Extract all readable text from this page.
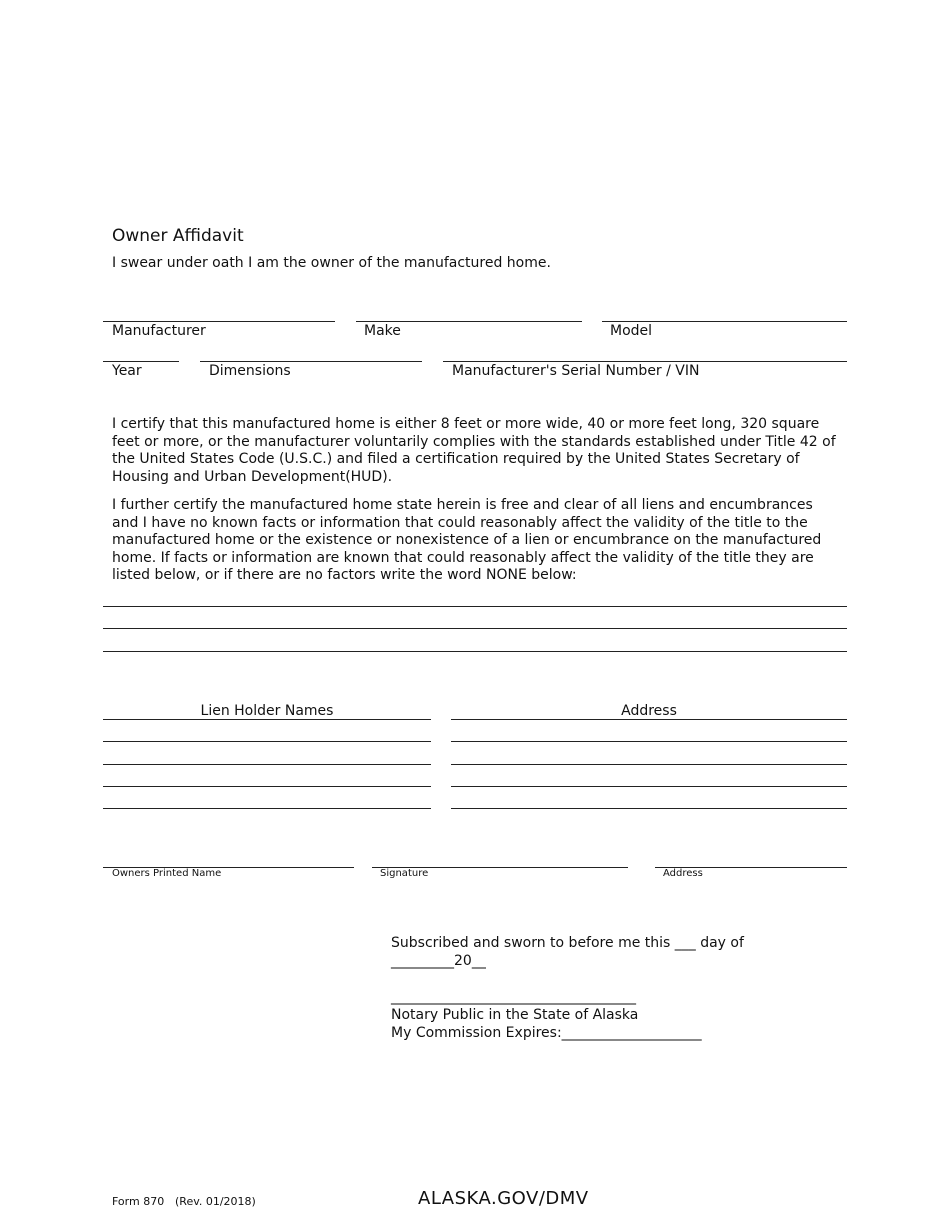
Owner Affidavit
I swear under oath I am the owner of the manufactured home.
Manufacturer	Make	Model
Year	Dimensions	Manufacturer's Serial Number / VIN

I certify that this manufactured home is either 8 feet or more wide, 40 or more feet long, 320 square feet or more, or the manufacturer voluntarily complies with the standards established under Title 42 of the United States Code (U.S.C.) and filed a certification required by the United States Secretary of Housing and Urban Development(HUD).

I further certify the manufactured home state herein is free and clear of all liens and encumbrances and I have no known facts or information that could reasonably affect the validity of the title to the manufactured home or the existence or nonexistence of a lien or encumbrance on the manufactured home. If facts or information are known that could reasonably affect the validity of the title they are listed below, or if there are no factors write the word NONE below:

Lien Holder Names	Address
Owners Printed Name	Signature	Address
Subscribed and sworn to before me this ___ day of
_________20__
___________________________________
Notary Public in the State of Alaska
My Commission Expires:____________________
Form 870 (Rev. 01/2018)	ALASKA.GOV/DMV
